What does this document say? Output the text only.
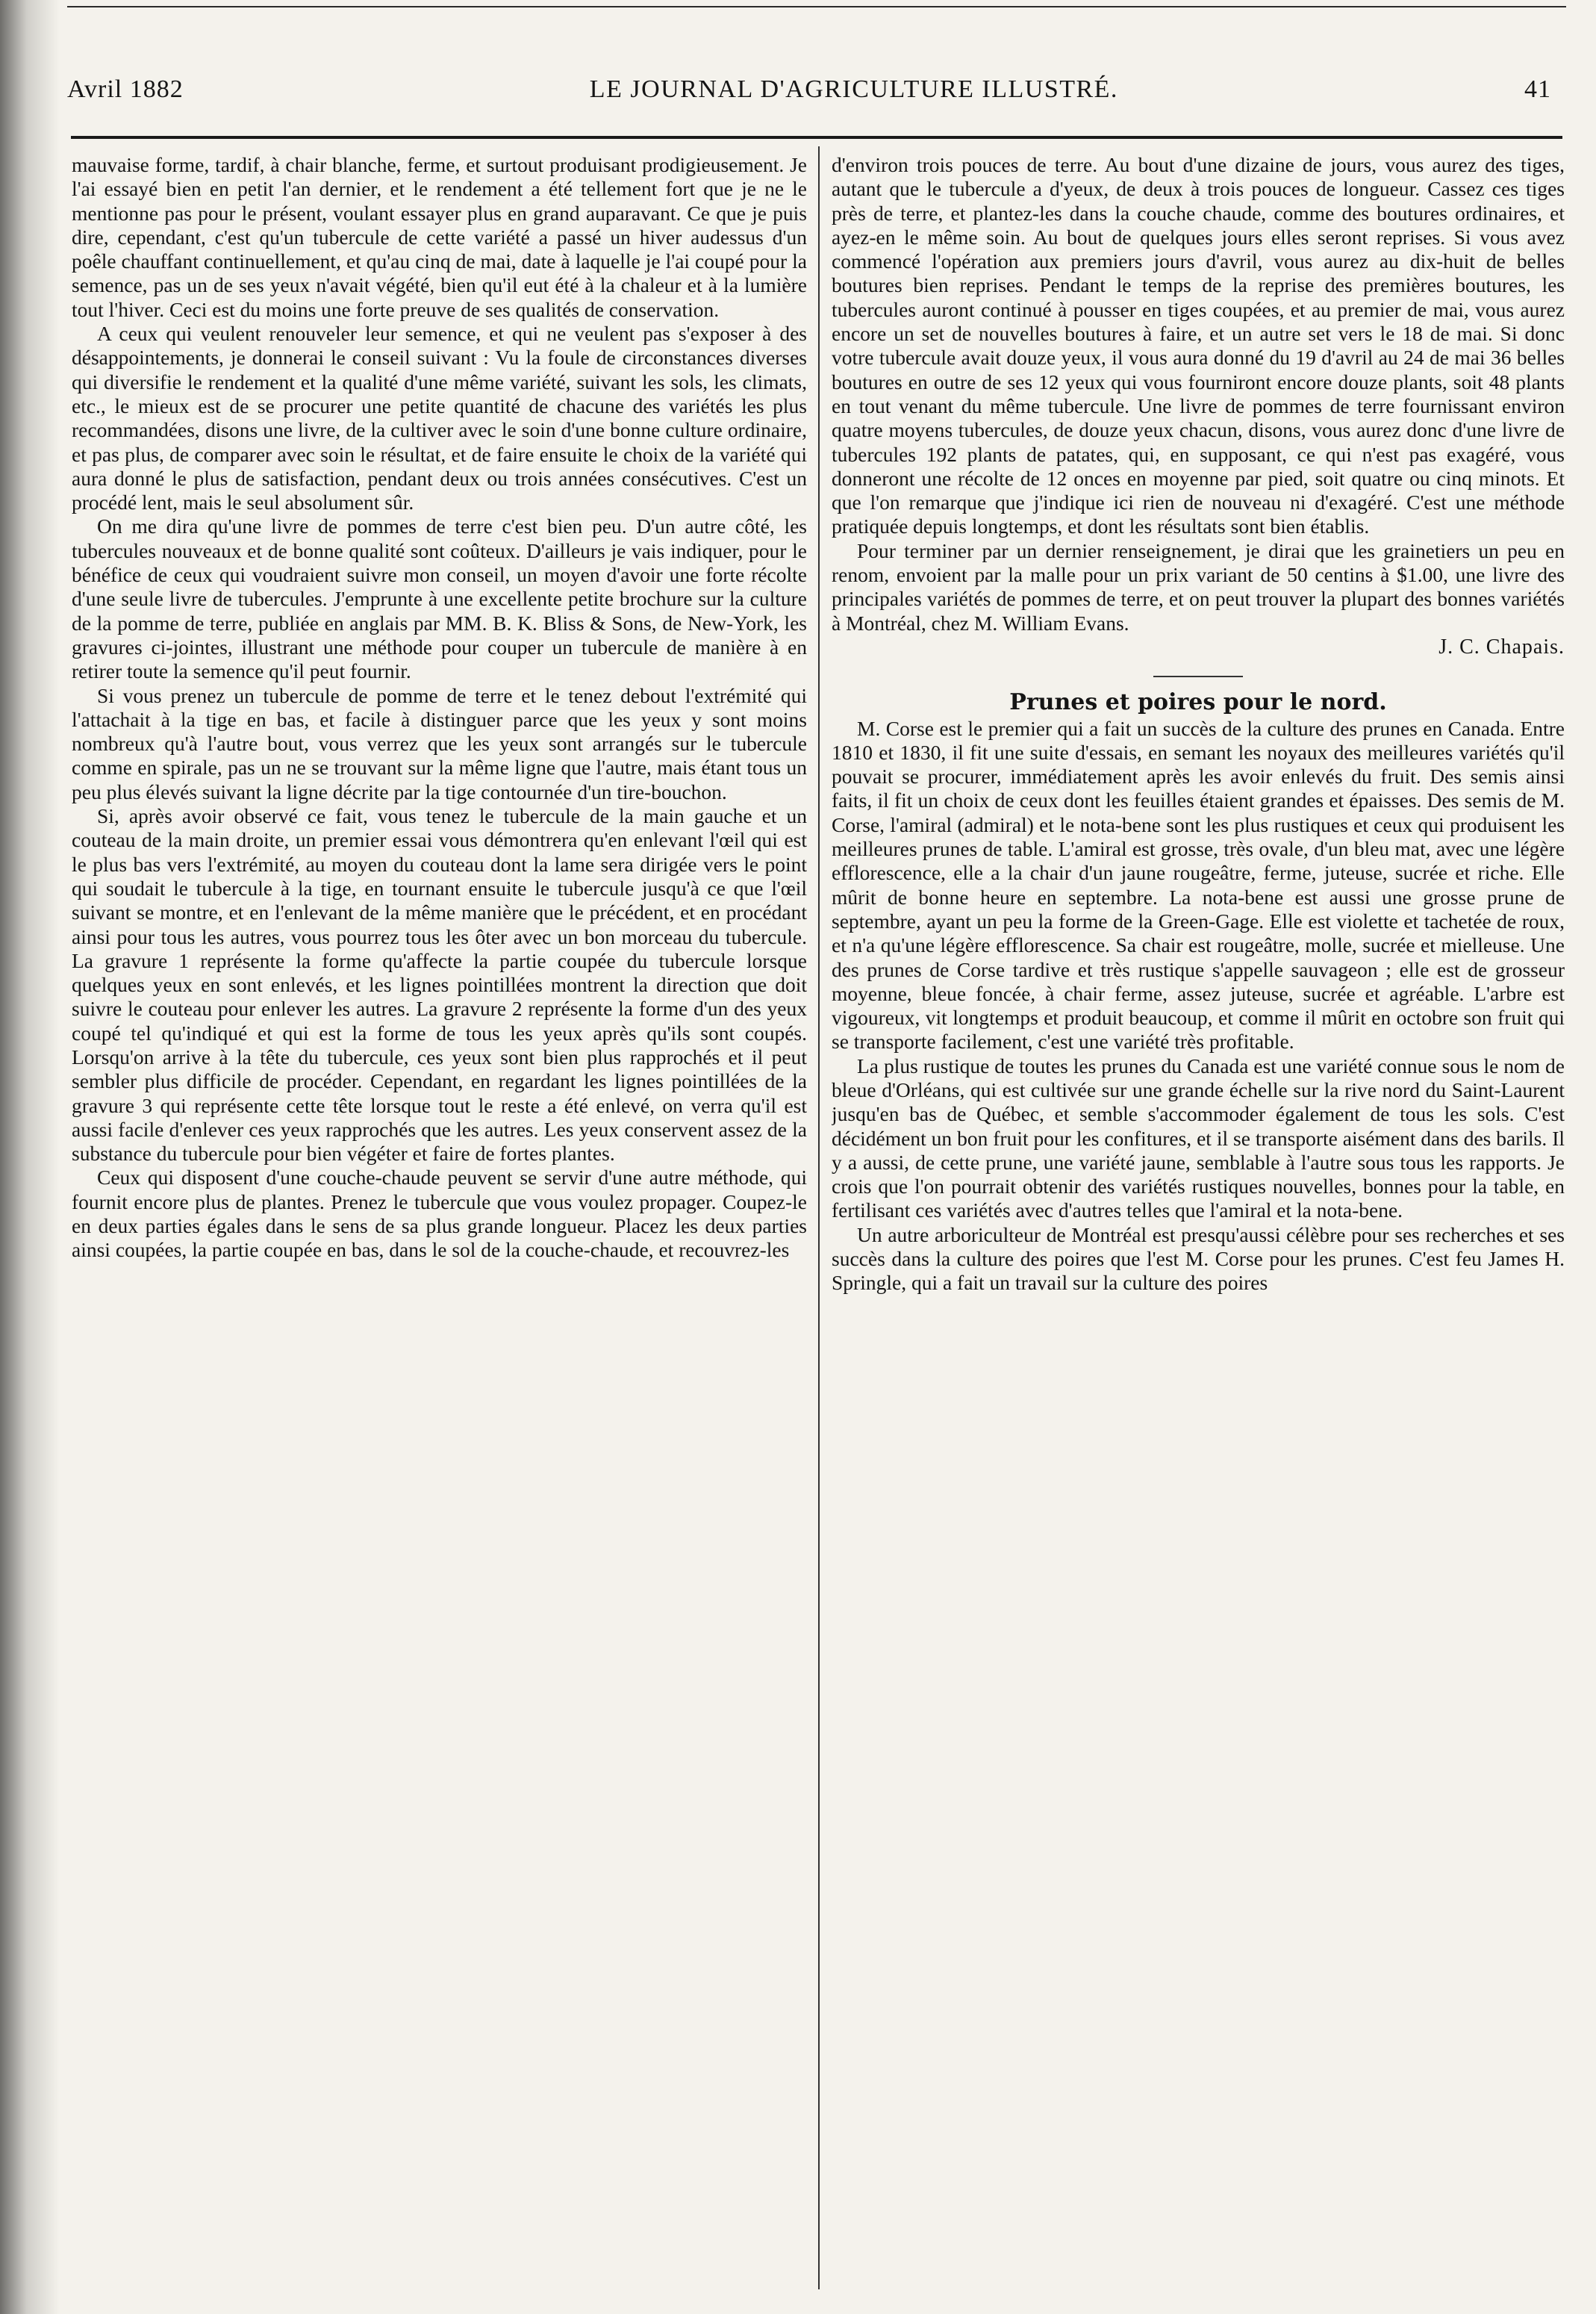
Avril 1882	LE JOURNAL D'AGRICULTURE ILLUSTRÉ.	41

mauvaise forme, tardif, à chair blanche, ferme, et surtout produisant prodigieusement. Je l'ai essayé bien en petit l'an dernier, et le rendement a été tellement fort que je ne le mentionne pas pour le présent, voulant essayer plus en grand auparavant. Ce que je puis dire, cependant, c'est qu'un tubercule de cette variété a passé un hiver audessus d'un poêle chauffant continuellement, et qu'au cinq de mai, date à laquelle je l'ai coupé pour la semence, pas un de ses yeux n'avait végété, bien qu'il eut été à la chaleur et à la lumière tout l'hiver. Ceci est du moins une forte preuve de ses qualités de conservation.

A ceux qui veulent renouveler leur semence, et qui ne veulent pas s'exposer à des désappointements, je donnerai le conseil suivant : Vu la foule de circonstances diverses qui diversifie le rendement et la qualité d'une même variété, suivant les sols, les climats, etc., le mieux est de se procurer une petite quantité de chacune des variétés les plus recommandées, disons une livre, de la cultiver avec le soin d'une bonne culture ordinaire, et pas plus, de comparer avec soin le résultat, et de faire ensuite le choix de la variété qui aura donné le plus de satisfaction, pendant deux ou trois années consécutives. C'est un procédé lent, mais le seul absolument sûr.

On me dira qu'une livre de pommes de terre c'est bien peu. D'un autre côté, les tubercules nouveaux et de bonne qualité sont coûteux. D'ailleurs je vais indiquer, pour le bénéfice de ceux qui voudraient suivre mon conseil, un moyen d'avoir une forte récolte d'une seule livre de tubercules. J'emprunte à une excellente petite brochure sur la culture de la pomme de terre, publiée en anglais par MM. B. K. Bliss & Sons, de New-York, les gravures ci-jointes, illustrant une méthode pour couper un tubercule de manière à en retirer toute la semence qu'il peut fournir.

Si vous prenez un tubercule de pomme de terre et le tenez debout l'extrémité qui l'attachait à la tige en bas, et facile à distinguer parce que les yeux y sont moins nombreux qu'à l'autre bout, vous verrez que les yeux sont arrangés sur le tubercule comme en spirale, pas un ne se trouvant sur la même ligne que l'autre, mais étant tous un peu plus élevés suivant la ligne décrite par la tige contournée d'un tire-bouchon.

Si, après avoir observé ce fait, vous tenez le tubercule de la main gauche et un couteau de la main droite, un premier essai vous démontrera qu'en enlevant l'œil qui est le plus bas vers l'extrémité, au moyen du couteau dont la lame sera dirigée vers le point qui soudait le tubercule à la tige, en tournant ensuite le tubercule jusqu'à ce que l'œil suivant se montre, et en l'enlevant de la même manière que le précédent, et en procédant ainsi pour tous les autres, vous pourrez tous les ôter avec un bon morceau du tubercule. La gravure 1 représente la forme qu'affecte la partie coupée du tubercule lorsque quelques yeux en sont enlevés, et les lignes pointillées montrent la direction que doit suivre le couteau pour enlever les autres. La gravure 2 représente la forme d'un des yeux coupé tel qu'indiqué et qui est la forme de tous les yeux après qu'ils sont coupés. Lorsqu'on arrive à la tête du tubercule, ces yeux sont bien plus rapprochés et il peut sembler plus difficile de procéder. Cependant, en regardant les lignes pointillées de la gravure 3 qui représente cette tête lorsque tout le reste a été enlevé, on verra qu'il est aussi facile d'enlever ces yeux rapprochés que les autres. Les yeux conservent assez de la substance du tubercule pour bien végéter et faire de fortes plantes.

Ceux qui disposent d'une couche-chaude peuvent se servir d'une autre méthode, qui fournit encore plus de plantes. Prenez le tubercule que vous voulez propager. Coupez-le en deux parties égales dans le sens de sa plus grande longueur. Placez les deux parties ainsi coupées, la partie coupée en bas, dans le sol de la couche-chaude, et recouvrez-les

d'environ trois pouces de terre. Au bout d'une dizaine de jours, vous aurez des tiges, autant que le tubercule a d'yeux, de deux à trois pouces de longueur. Cassez ces tiges près de terre, et plantez-les dans la couche chaude, comme des boutures ordinaires, et ayez-en le même soin. Au bout de quelques jours elles seront reprises. Si vous avez commencé l'opération aux premiers jours d'avril, vous aurez au dix-huit de belles boutures bien reprises. Pendant le temps de la reprise des premières boutures, les tubercules auront continué à pousser en tiges coupées, et au premier de mai, vous aurez encore un set de nouvelles boutures à faire, et un autre set vers le 18 de mai. Si donc votre tubercule avait douze yeux, il vous aura donné du 19 d'avril au 24 de mai 36 belles boutures en outre de ses 12 yeux qui vous fourniront encore douze plants, soit 48 plants en tout venant du même tubercule. Une livre de pommes de terre fournissant environ quatre moyens tubercules, de douze yeux chacun, disons, vous aurez donc d'une livre de tubercules 192 plants de patates, qui, en supposant, ce qui n'est pas exagéré, vous donneront une récolte de 12 onces en moyenne par pied, soit quatre ou cinq minots. Et que l'on remarque que j'indique ici rien de nouveau ni d'exagéré. C'est une méthode pratiquée depuis longtemps, et dont les résultats sont bien établis.

Pour terminer par un dernier renseignement, je dirai que les grainetiers un peu en renom, envoient par la malle pour un prix variant de 50 centins à $1.00, une livre des principales variétés de pommes de terre, et on peut trouver la plupart des bonnes variétés à Montréal, chez M. William Evans.

J. C. Chapais.

Prunes et poires pour le nord.

M. Corse est le premier qui a fait un succès de la culture des prunes en Canada. Entre 1810 et 1830, il fit une suite d'essais, en semant les noyaux des meilleures variétés qu'il pouvait se procurer, immédiatement après les avoir enlevés du fruit. Des semis ainsi faits, il fit un choix de ceux dont les feuilles étaient grandes et épaisses. Des semis de M. Corse, l'amiral (admiral) et le nota-bene sont les plus rustiques et ceux qui produisent les meilleures prunes de table. L'amiral est grosse, très ovale, d'un bleu mat, avec une légère efflorescence, elle a la chair d'un jaune rougeâtre, ferme, juteuse, sucrée et riche. Elle mûrit de bonne heure en septembre. La nota-bene est aussi une grosse prune de septembre, ayant un peu la forme de la Green-Gage. Elle est violette et tachetée de roux, et n'a qu'une légère efflorescence. Sa chair est rougeâtre, molle, sucrée et mielleuse. Une des prunes de Corse tardive et très rustique s'appelle sauvageon ; elle est de grosseur moyenne, bleue foncée, à chair ferme, assez juteuse, sucrée et agréable. L'arbre est vigoureux, vit longtemps et produit beaucoup, et comme il mûrit en octobre son fruit qui se transporte facilement, c'est une variété très profitable.

La plus rustique de toutes les prunes du Canada est une variété connue sous le nom de bleue d'Orléans, qui est cultivée sur une grande échelle sur la rive nord du Saint-Laurent jusqu'en bas de Québec, et semble s'accommoder également de tous les sols. C'est décidément un bon fruit pour les confitures, et il se transporte aisément dans des barils. Il y a aussi, de cette prune, une variété jaune, semblable à l'autre sous tous les rapports. Je crois que l'on pourrait obtenir des variétés rustiques nouvelles, bonnes pour la table, en fertilisant ces variétés avec d'autres telles que l'amiral et la nota-bene.

Un autre arboriculteur de Montréal est presqu'aussi célèbre pour ses recherches et ses succès dans la culture des poires que l'est M. Corse pour les prunes. C'est feu James H. Springle, qui a fait un travail sur la culture des poires
